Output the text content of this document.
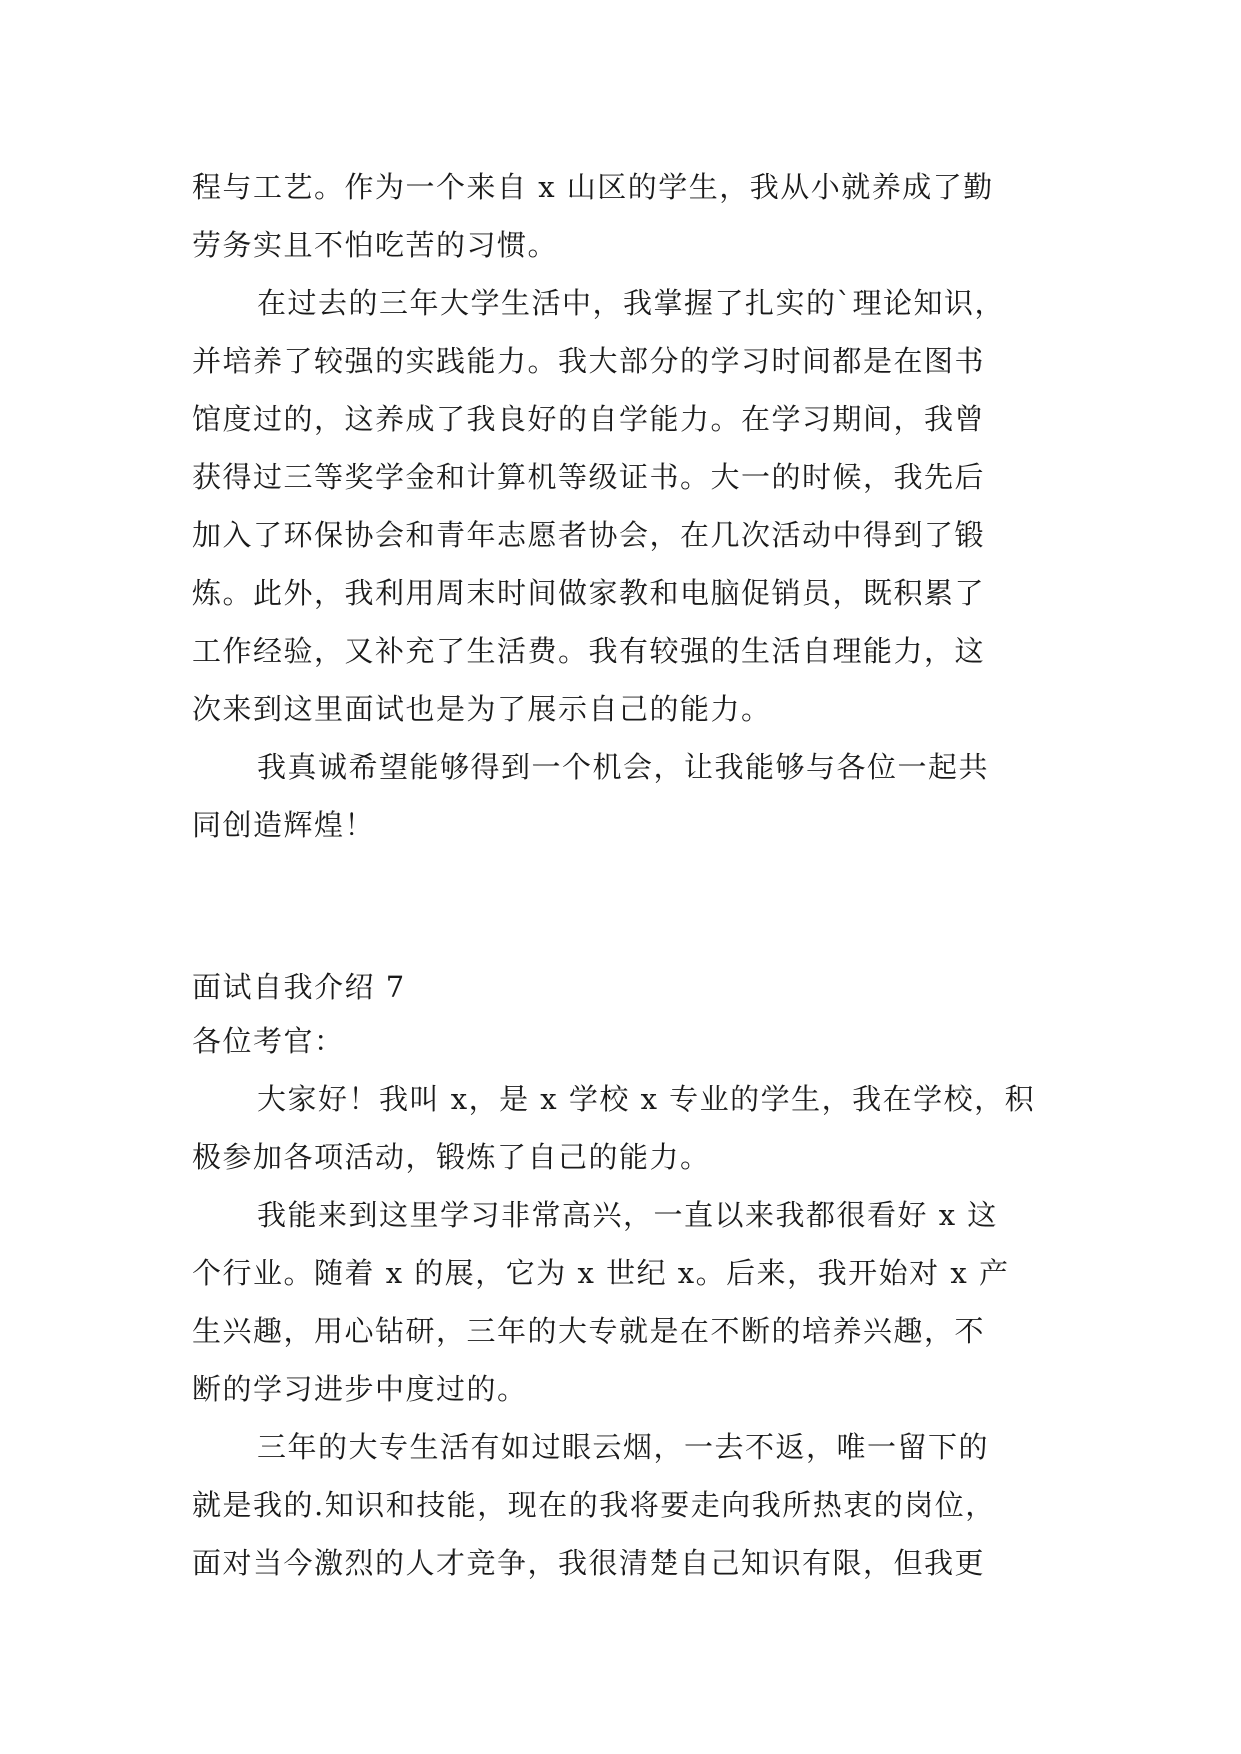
程与工艺。作为一个来自 x 山区的学生，我从小就养成了勤
劳务实且不怕吃苦的习惯。
在过去的三年大学生活中，我掌握了扎实的`理论知识，
并培养了较强的实践能力。我大部分的学习时间都是在图书
馆度过的，这养成了我良好的自学能力。在学习期间，我曾
获得过三等奖学金和计算机等级证书。大一的时候，我先后
加入了环保协会和青年志愿者协会，在几次活动中得到了锻
炼。此外，我利用周末时间做家教和电脑促销员，既积累了
工作经验，又补充了生活费。我有较强的生活自理能力，这
次来到这里面试也是为了展示自己的能力。
我真诚希望能够得到一个机会，让我能够与各位一起共
同创造辉煌！
面试自我介绍 7
各位考官：
大家好！我叫 x，是 x 学校 x 专业的学生，我在学校，积
极参加各项活动，锻炼了自己的能力。
我能来到这里学习非常高兴，一直以来我都很看好 x 这
个行业。随着 x 的展，它为 x 世纪 x。后来，我开始对 x 产
生兴趣，用心钻研，三年的大专就是在不断的培养兴趣，不
断的学习进步中度过的。
三年的大专生活有如过眼云烟，一去不返，唯一留下的
就是我的.知识和技能，现在的我将要走向我所热衷的岗位，
面对当今激烈的人才竞争，我很清楚自己知识有限，但我更
